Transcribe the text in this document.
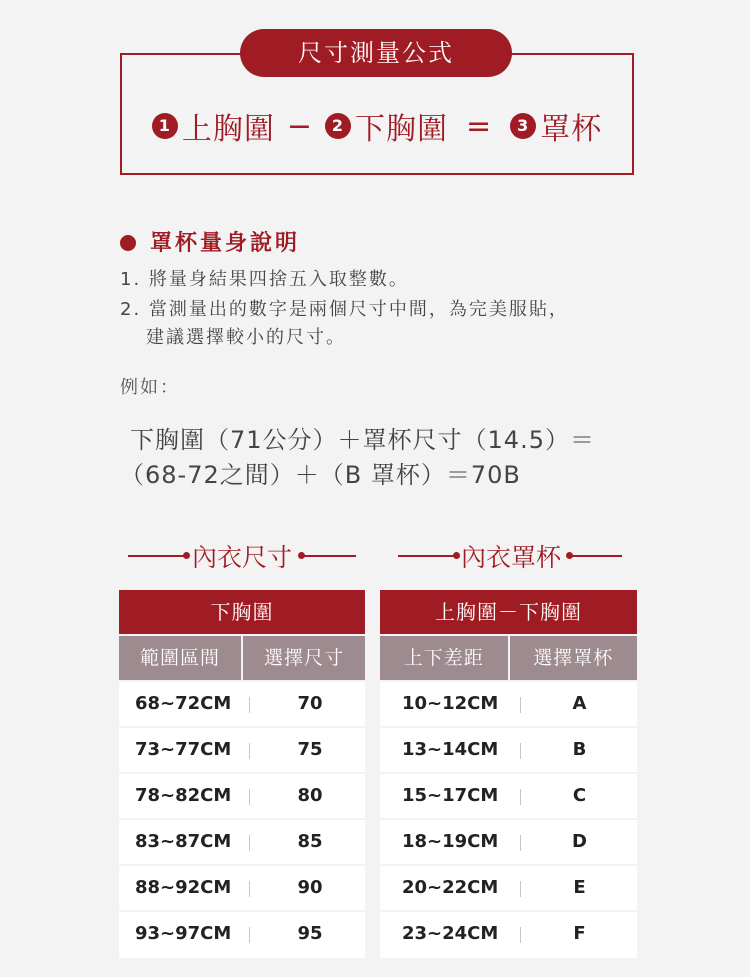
尺寸測量公式
1 上胸圍 −	2 下胸圍 =	3 罩杯
罩杯量身說明
1. 將量身結果四捨五入取整數。
2. 當測量出的數字是兩個尺寸中間，為完美服貼，
建議選擇較小的尺寸。
例如：
下胸圍（71公分）＋罩杯尺寸（14.5）＝
（68-72之間）＋（B 罩杯）＝70B
內衣尺寸	內衣罩杯
下胸圍
範圍區間	選擇尺寸
68~72CM	70
73~77CM	75
78~82CM	80
83~87CM	85
88~92CM	90
93~97CM	95
上胸圍－下胸圍
上下差距	選擇罩杯
10~12CM	A
13~14CM	B
15~17CM	C
18~19CM	D
20~22CM	E
23~24CM	F
